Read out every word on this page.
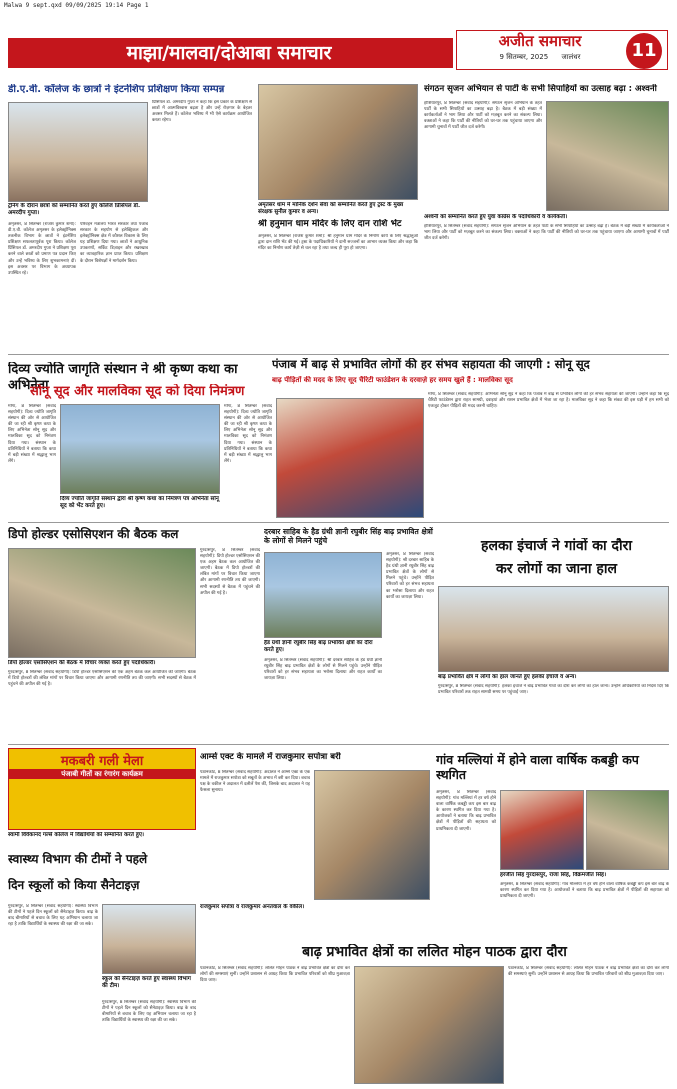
Malwa 9 sept.qxd 09/09/2025 19:14 Page 1
माझा/मालवा/दोआबा समाचार
अजीत समाचार
9 सितम्बर, 2025 जालंधर	11
डी.ए.वी. कॉलेज के छात्रों ने इंटर्नशिप प्रशिक्षण किया सम्पन्न
ट्रेनिंग के दौरान छात्रों को सम्मानित करते हुए कॉलेज प्रिंसिपल डॉ. अमरदीप गुप्ता।
अमृतसर, 8 सितम्बर (राजेश कुमार शर्मा): डी.ए.वी. कॉलेज अमृतसर के इलेक्ट्रॉनिक्स तकनीक विभाग के छात्रों ने इंटर्नशिप प्रशिक्षण सफलतापूर्वक पूरा किया। कॉलेज प्रिंसिपल डॉ. अमरदीप गुप्ता ने प्रशिक्षण पूरा करने वाले छात्रों को प्रमाण पत्र प्रदान किए और उन्हें भविष्य के लिए शुभकामनाएं दीं। इस अवसर पर विभाग के अध्यापक उपस्थित रहे।
परिवहन मंत्रालय भारत सरकार तथा पंजाब सरकार के सहयोग से इलेक्ट्रिकल और इलेक्ट्रॉनिक्स क्षेत्र में कौशल विकास के लिए यह प्रशिक्षण दिया गया। छात्रों ने आधुनिक उपकरणों, सर्किट डिज़ाइन और रखरखाव का व्यावहारिक ज्ञान प्राप्त किया। प्रशिक्षण के दौरान विशेषज्ञों ने मार्गदर्शन किया।
प्रिंसिपल डॉ. अमरदीप गुप्ता ने कहा कि इस प्रकार के प्रशिक्षण से छात्रों में आत्मविश्वास बढ़ता है और उन्हें रोज़गार के बेहतर अवसर मिलते हैं। कॉलेज भविष्य में भी ऐसे कार्यक्रम आयोजित करता रहेगा।
अमृतसर धाम में मानिक दर्शन सेवा को सम्मानित करते हुए ट्रस्ट के मुख्य संरक्षक सुनील कुमार व अन्य।
श्री हनुमान धाम मंदिर के लिए दान राशि भेंट
अमृतसर, 8 सितम्बर (राजेश कुमार शर्मा): श्री हनुमान धाम मंदिर के निर्माण कार्य के लिए श्रद्धालुओं द्वारा दान राशि भेंट की गई। ट्रस्ट के पदाधिकारियों ने दानी सज्जनों का आभार व्यक्त किया और कहा कि मंदिर का निर्माण कार्य तेज़ी से चल रहा है तथा जल्द ही पूरा हो जाएगा।
संगठन सृजन अभियान से पार्टी के सभी सिपाहियों का उत्साह बढ़ा : अश्वनी
होशियारपुर, 8 सितम्बर (संवाद सहयोगी): संगठन सृजन अभियान के तहत पार्टी के सभी सिपाहियों का उत्साह बढ़ा है। बैठक में बड़ी संख्या में कार्यकर्ताओं ने भाग लिया और पार्टी को मज़बूत करने का संकल्प लिया। वक्ताओं ने कहा कि पार्टी की नीतियों को घर-घर तक पहुंचाया जाएगा और आगामी चुनावों में पार्टी जीत दर्ज करेगी।
अश्वनी को सम्मानित करते हुए युवा कांग्रेस के पदाधिकारी व कार्यकर्ता।
होशियारपुर, 8 सितम्बर (संवाद सहयोगी): संगठन सृजन अभियान के तहत पार्टी के सभी सिपाहियों का उत्साह बढ़ा है। बैठक में बड़ी संख्या में कार्यकर्ताओं ने भाग लिया और पार्टी को मज़बूत करने का संकल्प लिया। वक्ताओं ने कहा कि पार्टी की नीतियों को घर-घर तक पहुंचाया जाएगा और आगामी चुनावों में पार्टी जीत दर्ज करेगी।
पंजाब में बाढ़ से प्रभावित लोगों की हर संभव सहायता की जाएगी : सोनू सूद
बाढ़ पीड़ितों की मदद के लिए सूद चैरिटी फाउंडेशन के दरवाज़े हर समय खुले हैं : मालविका सूद
मोगा, 8 सितम्बर (संवाद सहयोगी): अभिनेता सोनू सूद ने कहा कि पंजाब में बाढ़ से प्रभावित लोगों की हर संभव सहायता की जाएगी। उन्होंने कहा कि सूद चैरिटी फाउंडेशन द्वारा राहत सामग्री, दवाइयां और राशन प्रभावित क्षेत्रों में भेजा जा रहा है। मालविका सूद ने कहा कि संकट की इस घड़ी में हम सभी को एकजुट होकर पीड़ितों की मदद करनी चाहिए।
दिव्य ज्योति जागृति संस्थान ने श्री कृष्ण कथा का अभिनेता
सोनू सूद और मालविका सूद को दिया निमंत्रण
मोगा, 8 सितम्बर (संवाद सहयोगी): दिव्य ज्योति जागृति संस्थान की ओर से आयोजित की जा रही श्री कृष्ण कथा के लिए अभिनेता सोनू सूद और मालविका सूद को निमंत्रण दिया गया। संस्थान के प्रतिनिधियों ने बताया कि कथा में बड़ी संख्या में श्रद्धालु भाग लेंगे।
दिव्य ज्योति जागृति संस्थान द्वारा श्री कृष्ण कथा का निमंत्रण पत्र अभिनेता सोनू सूद को भेंट करते हुए।
मोगा, 8 सितम्बर (संवाद सहयोगी): दिव्य ज्योति जागृति संस्थान की ओर से आयोजित की जा रही श्री कृष्ण कथा के लिए अभिनेता सोनू सूद और मालविका सूद को निमंत्रण दिया गया। संस्थान के प्रतिनिधियों ने बताया कि कथा में बड़ी संख्या में श्रद्धालु भाग लेंगे।
डिपो होल्डर एसोसिएशन की बैठक कल
डिपो होल्डर एसोसिएशन की बैठक में विचार व्यक्त करते हुए पदाधिकारी।
गुरदासपुर, 8 सितम्बर (संवाद सहयोगी): डिपो होल्डर एसोसिएशन की एक अहम बैठक कल आयोजित की जाएगी। बैठक में डिपो होल्डरों की लंबित मांगों पर विचार किया जाएगा और आगामी रणनीति तय की जाएगी। सभी सदस्यों से बैठक में पहुंचने की अपील की गई है।
गुरदासपुर, 8 सितम्बर (संवाद सहयोगी): डिपो होल्डर एसोसिएशन की एक अहम बैठक कल आयोजित की जाएगी। बैठक में डिपो होल्डरों की लंबित मांगों पर विचार किया जाएगा और आगामी रणनीति तय की जाएगी। सभी सदस्यों से बैठक में पहुंचने की अपील की गई है।
दरबार साहिब के हैड ग्रंथी ज्ञानी रघुबीर सिंह बाढ़ प्रभावित क्षेत्रों के लोगों से मिलने पहुंचे
हैड ग्रंथी ज्ञानी रघुबीर सिंह बाढ़ प्रभावित क्षेत्रों का दौरा करते हुए।
अमृतसर, 8 सितम्बर (संवाद सहयोगी): श्री दरबार साहिब के हैड ग्रंथी ज्ञानी रघुबीर सिंह बाढ़ प्रभावित क्षेत्रों के लोगों से मिलने पहुंचे। उन्होंने पीड़ित परिवारों को हर संभव सहायता का भरोसा दिलाया और राहत कार्यों का जायज़ा लिया।
अमृतसर, 8 सितम्बर (संवाद सहयोगी): श्री दरबार साहिब के हैड ग्रंथी ज्ञानी रघुबीर सिंह बाढ़ प्रभावित क्षेत्रों के लोगों से मिलने पहुंचे। उन्होंने पीड़ित परिवारों को हर संभव सहायता का भरोसा दिलाया और राहत कार्यों का जायज़ा लिया।
हलका इंचार्ज ने गांवों का दौरा
कर लोगों का जाना हाल
बाढ़ प्रभावित क्षेत्र में लोगों का हाल जानते हुए हलका इंचार्ज व अन्य।
गुरदासपुर, 8 सितम्बर (संवाद सहयोगी): हलका इंचार्ज ने बाढ़ प्रभावित गांवों का दौरा कर लोगों का हाल जाना। उन्होंने अधिकारियों को निर्देश दिए कि प्रभावित परिवारों तक राहत सामग्री समय पर पहुंचाई जाए।
मकबरी गली मेला
पंजाबी गीतों का रंगारंग कार्यक्रम
स्वामी विवेकानंद गर्ल्स कॉलेज में विद्यार्थियों को सम्मानित करते हुए।
आर्म्स एक्ट के मामले में राजकुमार सपोत्रा बरी
पठानकोट, 8 सितम्बर (संवाद सहयोगी): अदालत ने आर्म्स एक्ट के एक मामले में राजकुमार सपोत्रा को सबूतों के अभाव में बरी कर दिया। बचाव पक्ष के वकील ने अदालत में दलीलें पेश कीं, जिसके बाद अदालत ने यह फैसला सुनाया।
राजकुमार सपोत्रा व राजकुमार अनतवाल के वकील।
गांव मल्लियां में होने वाला वार्षिक कबड्डी कप स्थगित
अमृतसर, 8 सितम्बर (संवाद सहयोगी): गांव मल्लियां में हर वर्ष होने वाला वार्षिक कबड्डी कप इस बार बाढ़ के कारण स्थगित कर दिया गया है। आयोजकों ने बताया कि बाढ़ प्रभावित क्षेत्रों में पीड़ितों की सहायता को प्राथमिकता दी जाएगी।
हरजीत सिंह गुरदासपुर, राजा सिंह, विक्रमजीत सिंह।
अमृतसर, 8 सितम्बर (संवाद सहयोगी): गांव मल्लियां में हर वर्ष होने वाला वार्षिक कबड्डी कप इस बार बाढ़ के कारण स्थगित कर दिया गया है। आयोजकों ने बताया कि बाढ़ प्रभावित क्षेत्रों में पीड़ितों की सहायता को प्राथमिकता दी जाएगी।
स्वास्थ्य विभाग की टीमों ने पहले
दिन स्कूलों को किया सैनेटाइज़
गुरदासपुर, 8 सितम्बर (संवाद सहयोगी): स्वास्थ्य विभाग की टीमों ने पहले दिन स्कूलों को सैनेटाइज़ किया। बाढ़ के बाद बीमारियों से बचाव के लिए यह अभियान चलाया जा रहा है ताकि विद्यार्थियों के स्वास्थ्य की रक्षा की जा सके।
स्कूल को सैनेटाइज़ करते हुए स्वास्थ्य विभाग की टीम।
गुरदासपुर, 8 सितम्बर (संवाद सहयोगी): स्वास्थ्य विभाग की टीमों ने पहले दिन स्कूलों को सैनेटाइज़ किया। बाढ़ के बाद बीमारियों से बचाव के लिए यह अभियान चलाया जा रहा है ताकि विद्यार्थियों के स्वास्थ्य की रक्षा की जा सके।
बाढ़ प्रभावित क्षेत्रों का ललित मोहन पाठक द्वारा दौरा
पठानकोट, 8 सितम्बर (संवाद सहयोगी): ललित मोहन पाठक ने बाढ़ प्रभावित क्षेत्रों का दौरा कर लोगों की समस्याएं सुनीं। उन्होंने प्रशासन से आग्रह किया कि प्रभावित परिवारों को शीघ्र मुआवज़ा दिया जाए।
पठानकोट, 8 सितम्बर (संवाद सहयोगी): ललित मोहन पाठक ने बाढ़ प्रभावित क्षेत्रों का दौरा कर लोगों की समस्याएं सुनीं। उन्होंने प्रशासन से आग्रह किया कि प्रभावित परिवारों को शीघ्र मुआवज़ा दिया जाए।
